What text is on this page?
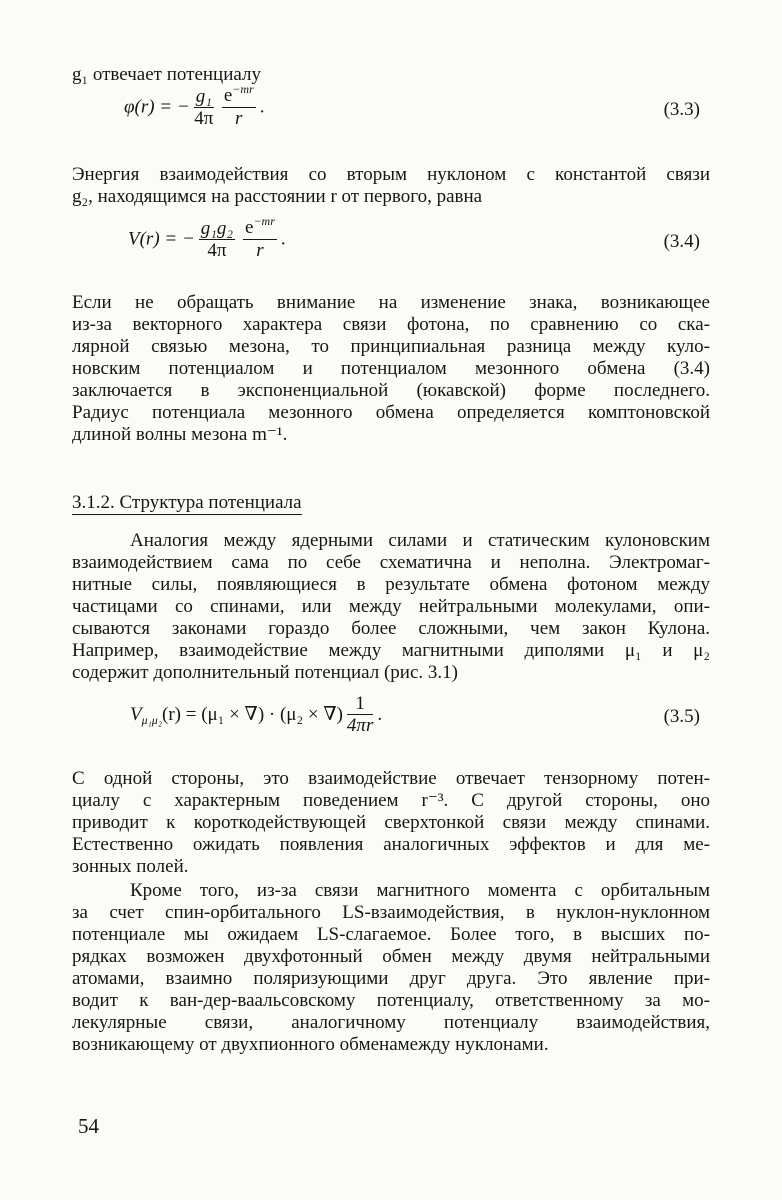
g₁ отвечает потенциалу
φ(r) = − $\frac{\text{g₁}}{4\pi} \frac{e^{-mr}}{r}$ .	(3.3)
Энергия взаимодействия со вторым нуклоном с константой связи
g₂, находящимся на расстоянии r от первого, равна
V(r) = − $\frac{\text{g₁g₂}}{4\pi} \frac{e^{-mr}}{r}$ .	(3.4)
Если не обращать внимание на изменение знака, возникающее
из-за векторного характера связи фотона, по сравнению со ска-
лярной связью мезона, то принципиальная разница между куло-
новским потенциалом и потенциалом мезонного обмена (3.4)
заключается в экспоненциальной (юкавской) форме последнего.
Радиус потенциала мезонного обмена определяется комптоновской
длиной волны мезона m⁻¹.
3.1.2. Структура потенциала
Аналогия между ядерными силами и статическим кулоновским
взаимодействием сама по себе схематична и неполна. Электромаг-
нитные силы, появляющиеся в результате обмена фотоном между
частицами со спинами, или между нейтральными молекулами, опи-
сываются законами гораздо более сложными, чем закон Кулона.
Например, взаимодействие между магнитными диполями μ₁ и μ₂
содержит дополнительный потенциал (рис. 3.1)
$V_{\mu_1\mu_2}(r) = (\mu_1$ × ∇) · (μ₂ × ∇) $\frac{1}{4\pi r}$ .	(3.5)
С одной стороны, это взаимодействие отвечает тензорному потен-
циалу с характерным поведением r⁻³. С другой стороны, оно
приводит к короткодействующей сверхтонкой связи между спинами.
Естественно ожидать появления аналогичных эффектов и для ме-
зонных полей.
Кроме того, из-за связи магнитного момента с орбитальным
за счет спин-орбитального LS-взаимодействия, в нуклон-нуклонном
потенциале мы ожидаем LS-слагаемое. Более того, в высших по-
рядках возможен двухфотонный обмен между двумя нейтральными
атомами, взаимно поляризующими друг друга. Это явление при-
водит к ван-дер-ваальсовскому потенциалу, ответственному за мо-
лекулярные связи, аналогичному потенциалу взаимодействия,
возникающему от двухпионного обменамежду нуклонами.
54
